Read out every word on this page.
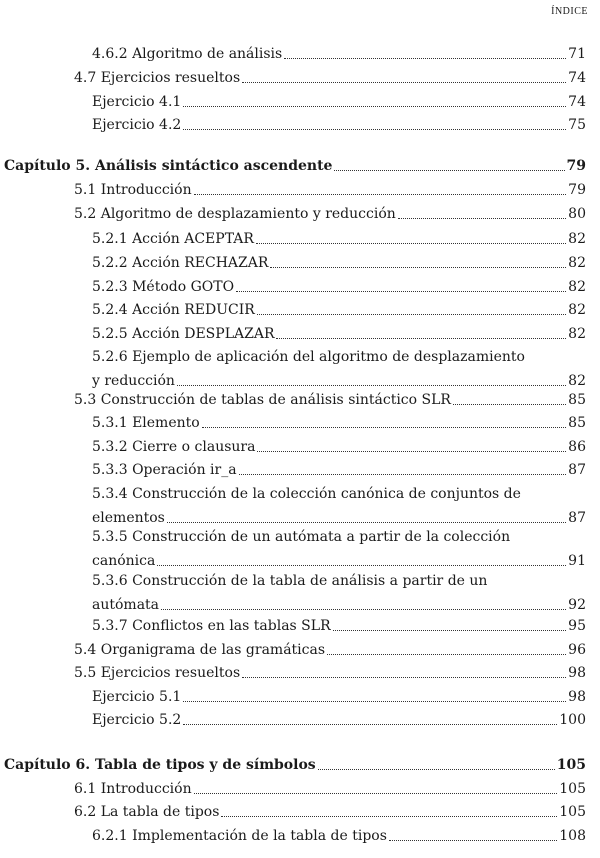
ÍNDICE
4.6.2 Algoritmo de análisis	71
4.7 Ejercicios resueltos	74
Ejercicio 4.1	74
Ejercicio 4.2	75
Capítulo 5. Análisis sintáctico ascendente	79
5.1 Introducción	79
5.2 Algoritmo de desplazamiento y reducción	80
5.2.1 Acción ACEPTAR	82
5.2.2 Acción RECHAZAR	82
5.2.3 Método GOTO	82
5.2.4 Acción REDUCIR	82
5.2.5 Acción DESPLAZAR	82
5.2.6 Ejemplo de aplicación del algoritmo de desplazamiento
y reducción	82
5.3 Construcción de tablas de análisis sintáctico SLR	85
5.3.1 Elemento	85
5.3.2 Cierre o clausura	86
5.3.3 Operación ir_a	87
5.3.4 Construcción de la colección canónica de conjuntos de
elementos	87
5.3.5 Construcción de un autómata a partir de la colección
canónica	91
5.3.6 Construcción de la tabla de análisis a partir de un
autómata	92
5.3.7 Conflictos en las tablas SLR	95
5.4 Organigrama de las gramáticas	96
5.5 Ejercicios resueltos	98
Ejercicio 5.1	98
Ejercicio 5.2	100
Capítulo 6. Tabla de tipos y de símbolos	105
6.1 Introducción	105
6.2 La tabla de tipos	105
6.2.1 Implementación de la tabla de tipos	108
